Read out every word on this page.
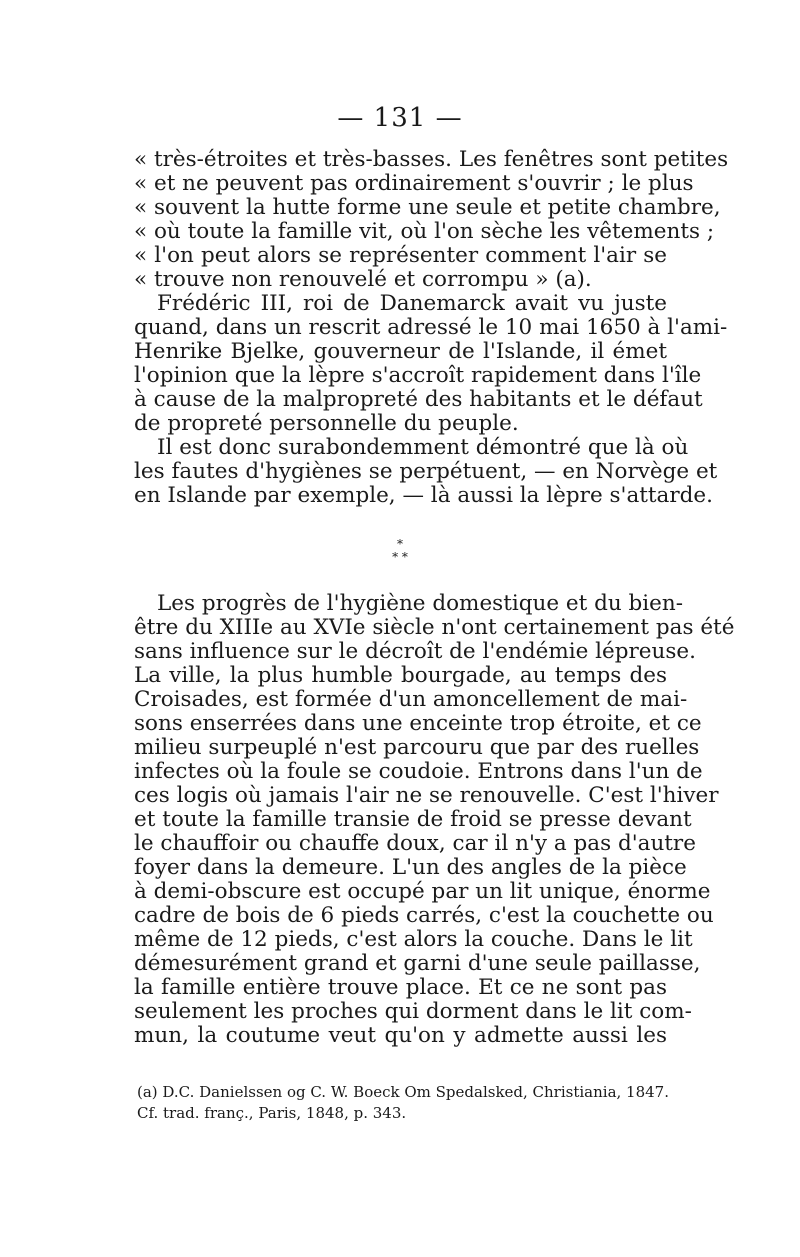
— 131 —
« très-étroites et très-basses. Les fenêtres sont petites
« et ne peuvent pas ordinairement s'ouvrir ; le plus
« souvent la hutte forme une seule et petite chambre,
« où toute la famille vit, où l'on sèche les vêtements ;
« l'on peut alors se représenter comment l'air se
« trouve non renouvelé et corrompu » (a).
Frédéric III, roi de Danemarck avait vu juste
quand, dans un rescrit adressé le 10 mai 1650 à l'ami-
Henrike Bjelke, gouverneur de l'Islande, il émet
l'opinion que la lèpre s'accroît rapidement dans l'île
à cause de la malpropreté des habitants et le défaut
de propreté personnelle du peuple.
Il est donc surabondemment démontré que là où
les fautes d'hygiènes se perpétuent, — en Norvège et
en Islande par exemple, — là aussi la lèpre s'attarde.
*
* *
Les progrès de l'hygiène domestique et du bien-
être du XIIIe au XVIe siècle n'ont certainement pas été
sans influence sur le décroît de l'endémie lépreuse.
La ville, la plus humble bourgade, au temps des
Croisades, est formée d'un amoncellement de mai-
sons enserrées dans une enceinte trop étroite, et ce
milieu surpeuplé n'est parcouru que par des ruelles
infectes où la foule se coudoie. Entrons dans l'un de
ces logis où jamais l'air ne se renouvelle. C'est l'hiver
et toute la famille transie de froid se presse devant
le chauffoir ou chauffe doux, car il n'y a pas d'autre
foyer dans la demeure. L'un des angles de la pièce
à demi-obscure est occupé par un lit unique, énorme
cadre de bois de 6 pieds carrés, c'est la couchette ou
même de 12 pieds, c'est alors la couche. Dans le lit
démesurément grand et garni d'une seule paillasse,
la famille entière trouve place. Et ce ne sont pas
seulement les proches qui dorment dans le lit com-
mun, la coutume veut qu'on y admette aussi les
(a) D.C. Danielssen og C. W. Boeck Om Spedalsked, Christiania, 1847.
Cf. trad. franç., Paris, 1848, p. 343.
